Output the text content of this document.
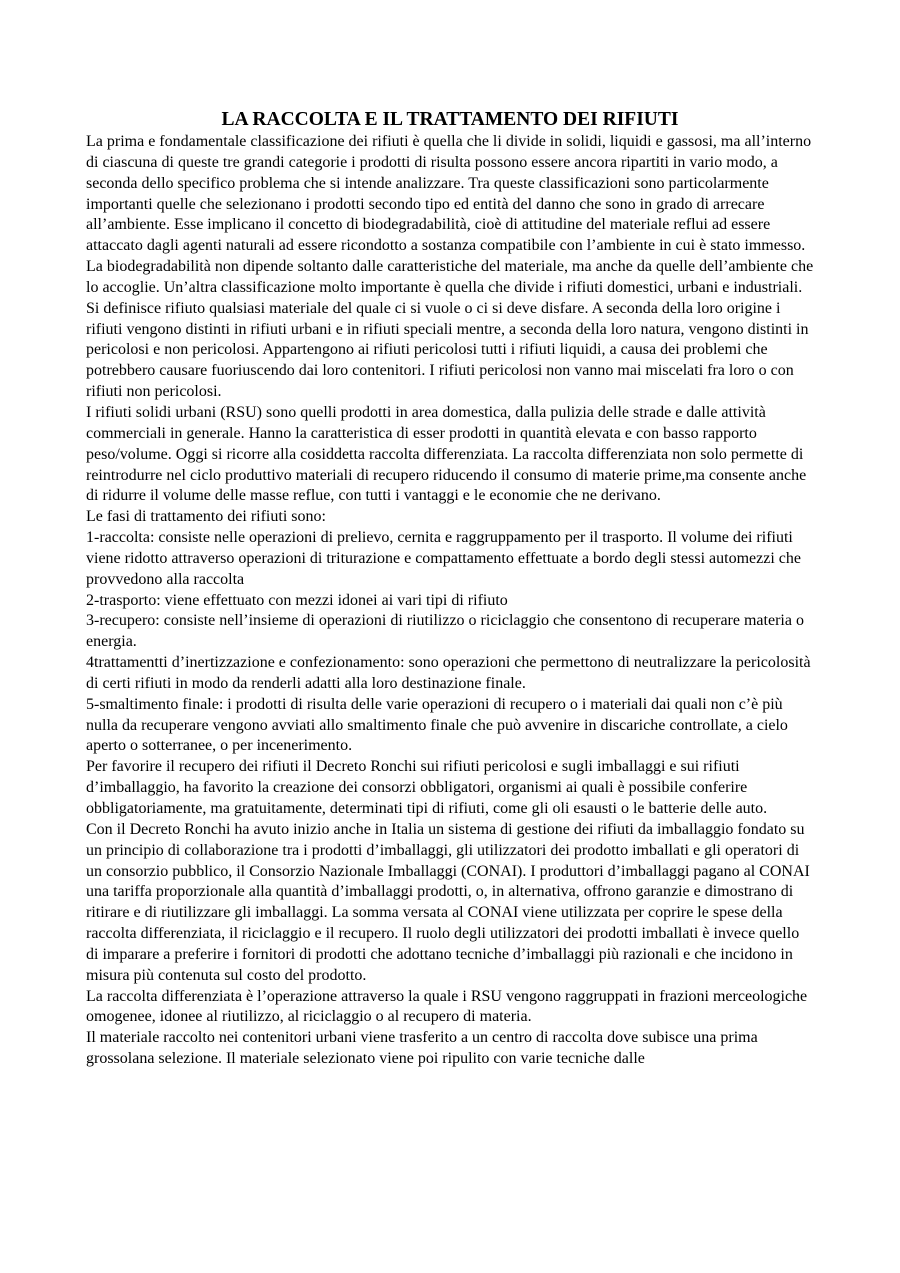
LA RACCOLTA E IL TRATTAMENTO DEI RIFIUTI

La prima e fondamentale classificazione dei rifiuti è quella che li divide in solidi, liquidi e gassosi, ma all’interno di ciascuna di queste tre grandi categorie i prodotti di risulta possono essere ancora ripartiti in vario modo, a seconda dello specifico problema che si intende analizzare. Tra queste classificazioni sono particolarmente importanti quelle che selezionano i prodotti secondo tipo ed entità del danno che sono in grado di arrecare all’ambiente. Esse implicano il concetto di biodegradabilità, cioè di attitudine del materiale reflui ad essere attaccato dagli agenti naturali ad essere ricondotto a sostanza compatibile con l’ambiente in cui è stato immesso. La biodegradabilità non dipende soltanto dalle caratteristiche del materiale, ma anche da quelle dell’ambiente che lo accoglie. Un’altra classificazione molto importante è quella che divide i rifiuti domestici, urbani e industriali.

Si definisce rifiuto qualsiasi materiale del quale ci si vuole o ci si deve disfare. A seconda della loro origine i rifiuti vengono distinti in rifiuti urbani e in rifiuti speciali mentre, a seconda della loro natura, vengono distinti in pericolosi e non pericolosi. Appartengono ai rifiuti pericolosi tutti i rifiuti liquidi, a causa dei problemi che potrebbero causare fuoriuscendo dai loro contenitori. I rifiuti pericolosi non vanno mai miscelati fra loro o con rifiuti non pericolosi.

I rifiuti solidi urbani (RSU) sono quelli prodotti in area domestica, dalla pulizia delle strade e dalle attività commerciali in generale. Hanno la caratteristica di esser prodotti in quantità elevata e con basso rapporto peso/volume. Oggi si ricorre alla cosiddetta raccolta differenziata. La raccolta differenziata non solo permette di reintrodurre nel ciclo produttivo materiali di recupero riducendo il consumo di materie prime,ma consente anche di ridurre il volume delle masse reflue, con tutti i vantaggi e le economie che ne derivano.

Le fasi di trattamento dei rifiuti sono:

1-raccolta: consiste nelle operazioni di prelievo, cernita e raggruppamento per il trasporto. Il volume dei rifiuti viene ridotto attraverso operazioni di triturazione e compattamento effettuate a bordo degli stessi automezzi che provvedono alla raccolta

2-trasporto: viene effettuato con mezzi idonei ai vari tipi di rifiuto

3-recupero: consiste nell’insieme di operazioni di riutilizzo o riciclaggio che consentono di recuperare materia o energia.

4trattamentti d’inertizzazione e confezionamento: sono operazioni che permettono di neutralizzare la pericolosità di certi rifiuti in modo da renderli adatti alla loro destinazione finale.

5-smaltimento finale: i prodotti di risulta delle varie operazioni di recupero o i materiali dai quali non c’è più nulla da recuperare vengono avviati allo smaltimento finale che può avvenire in discariche controllate, a cielo aperto o sotterranee, o per incenerimento.

Per favorire il recupero dei rifiuti il Decreto Ronchi sui rifiuti pericolosi e sugli imballaggi e sui rifiuti d’imballaggio, ha favorito la creazione dei consorzi obbligatori, organismi ai quali è possibile conferire obbligatoriamente, ma gratuitamente, determinati tipi di rifiuti, come gli oli esausti o le batterie delle auto.

Con il Decreto Ronchi ha avuto inizio anche in Italia un sistema di gestione dei rifiuti da imballaggio fondato su un principio di collaborazione tra i prodotti d’imballaggi, gli utilizzatori dei prodotto imballati e gli operatori di un consorzio pubblico, il Consorzio Nazionale Imballaggi (CONAI). I produttori d’imballaggi pagano al CONAI una tariffa proporzionale alla quantità d’imballaggi prodotti, o, in alternativa, offrono garanzie e dimostrano di ritirare e di riutilizzare gli imballaggi. La somma versata al CONAI viene utilizzata per coprire le spese della raccolta differenziata, il riciclaggio e il recupero. Il ruolo degli utilizzatori dei prodotti imballati è invece quello di imparare a preferire i fornitori di prodotti che adottano tecniche d’imballaggi più razionali e che incidono in misura più contenuta sul costo del prodotto.

La raccolta differenziata è l’operazione attraverso la quale i RSU vengono raggruppati in frazioni merceologiche omogenee, idonee al riutilizzo, al riciclaggio o al recupero di materia.

Il materiale raccolto nei contenitori urbani viene trasferito a un centro di raccolta dove subisce una prima grossolana selezione. Il materiale selezionato viene poi ripulito con varie tecniche dalle
